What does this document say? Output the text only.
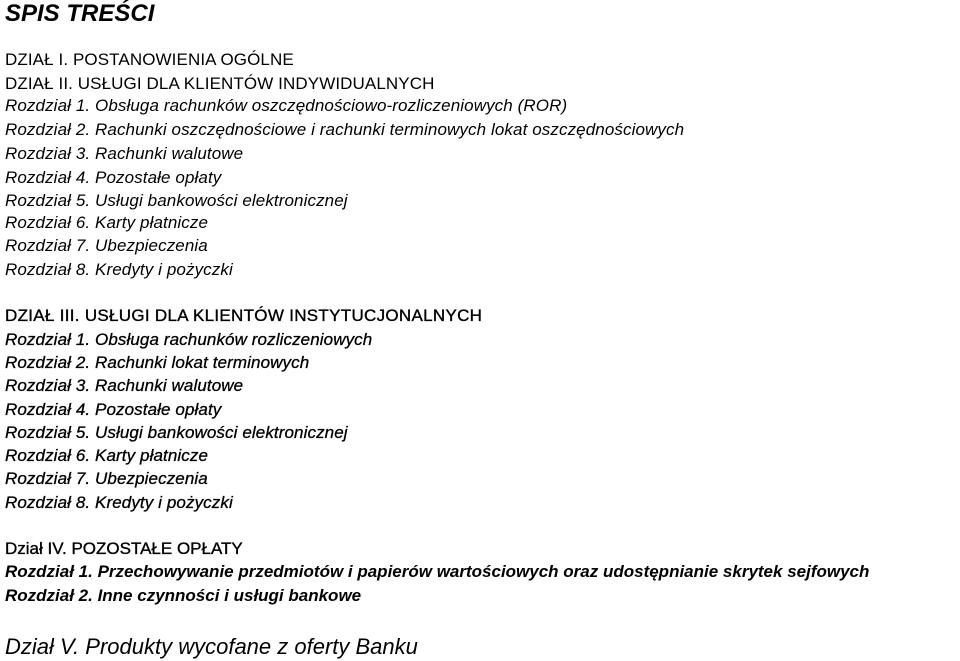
SPIS TREŚCI

DZIAŁ I. POSTANOWIENIA OGÓLNE

DZIAŁ II. USŁUGI DLA KLIENTÓW INDYWIDUALNYCH

Rozdział 1. Obsługa rachunków oszczędnościowo-rozliczeniowych (ROR)

Rozdział 2. Rachunki oszczędnościowe i rachunki terminowych lokat oszczędnościowych

Rozdział 3. Rachunki walutowe

Rozdział 4. Pozostałe opłaty

Rozdział 5. Usługi bankowości elektronicznej

Rozdział 6. Karty płatnicze

Rozdział 7. Ubezpieczenia

Rozdział 8. Kredyty i pożyczki

DZIAŁ III. USŁUGI DLA KLIENTÓW INSTYTUCJONALNYCH

Rozdział 1. Obsługa rachunków rozliczeniowych

Rozdział 2. Rachunki lokat terminowych

Rozdział 3. Rachunki walutowe

Rozdział 4. Pozostałe opłaty

Rozdział 5. Usługi bankowości elektronicznej

Rozdział 6. Karty płatnicze

Rozdział 7. Ubezpieczenia

Rozdział 8. Kredyty i pożyczki

Dział IV. POZOSTAŁE OPŁATY

Rozdział 1. Przechowywanie przedmiotów i papierów wartościowych oraz udostępnianie skrytek sejfowych

Rozdział 2. Inne czynności i usługi bankowe

Dział V. Produkty wycofane z oferty Banku
